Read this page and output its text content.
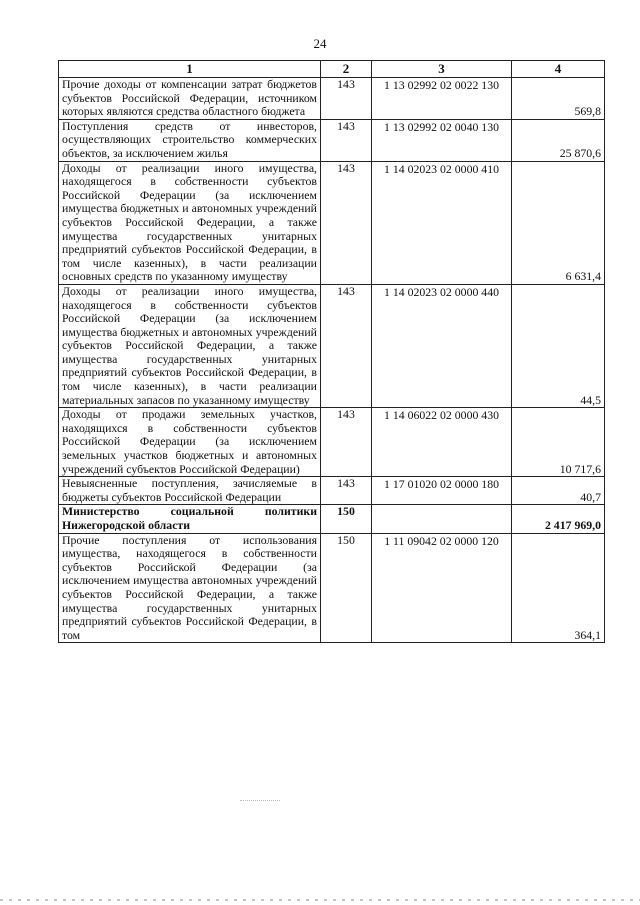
24
1	2	3	4
Прочие доходы от компенсации затрат бюджетов субъектов Российской Федерации, источником которых являются средства областного бюджета	143	1 13 02992 02 0022 130	569,8
Поступления средств от инвесторов, осуществляющих строительство коммерческих объектов, за исключением жилья	143	1 13 02992 02 0040 130	25 870,6
Доходы от реализации иного имущества, находящегося в собственности субъектов Российской Федерации (за исключением имущества бюджетных и автономных учреждений субъектов Российской Федерации, а также имущества государственных унитарных предприятий субъектов Российской Федерации, в том числе казенных), в части реализации основных средств по указанному имуществу	143	1 14 02023 02 0000 410	6 631,4
Доходы от реализации иного имущества, находящегося в собственности субъектов Российской Федерации (за исключением имущества бюджетных и автономных учреждений субъектов Российской Федерации, а также имущества государственных унитарных предприятий субъектов Российской Федерации, в том числе казенных), в части реализации материальных запасов по указанному имуществу	143	1 14 02023 02 0000 440	44,5
Доходы от продажи земельных участков, находящихся в собственности субъектов Российской Федерации (за исключением земельных участков бюджетных и автономных учреждений субъектов Российской Федерации)	143	1 14 06022 02 0000 430	10 717,6
Невыясненные поступления, зачисляемые в бюджеты субъектов Российской Федерации	143	1 17 01020 02 0000 180	40,7
Министерство социальной политики Нижегородской области	150		2 417 969,0
Прочие поступления от использования имущества, находящегося в собственности субъектов Российской Федерации (за исключением имущества автономных учреждений субъектов Российской Федерации, а также имущества государственных унитарных предприятий субъектов Российской Федерации, в том	150	1 11 09042 02 0000 120	364,1
